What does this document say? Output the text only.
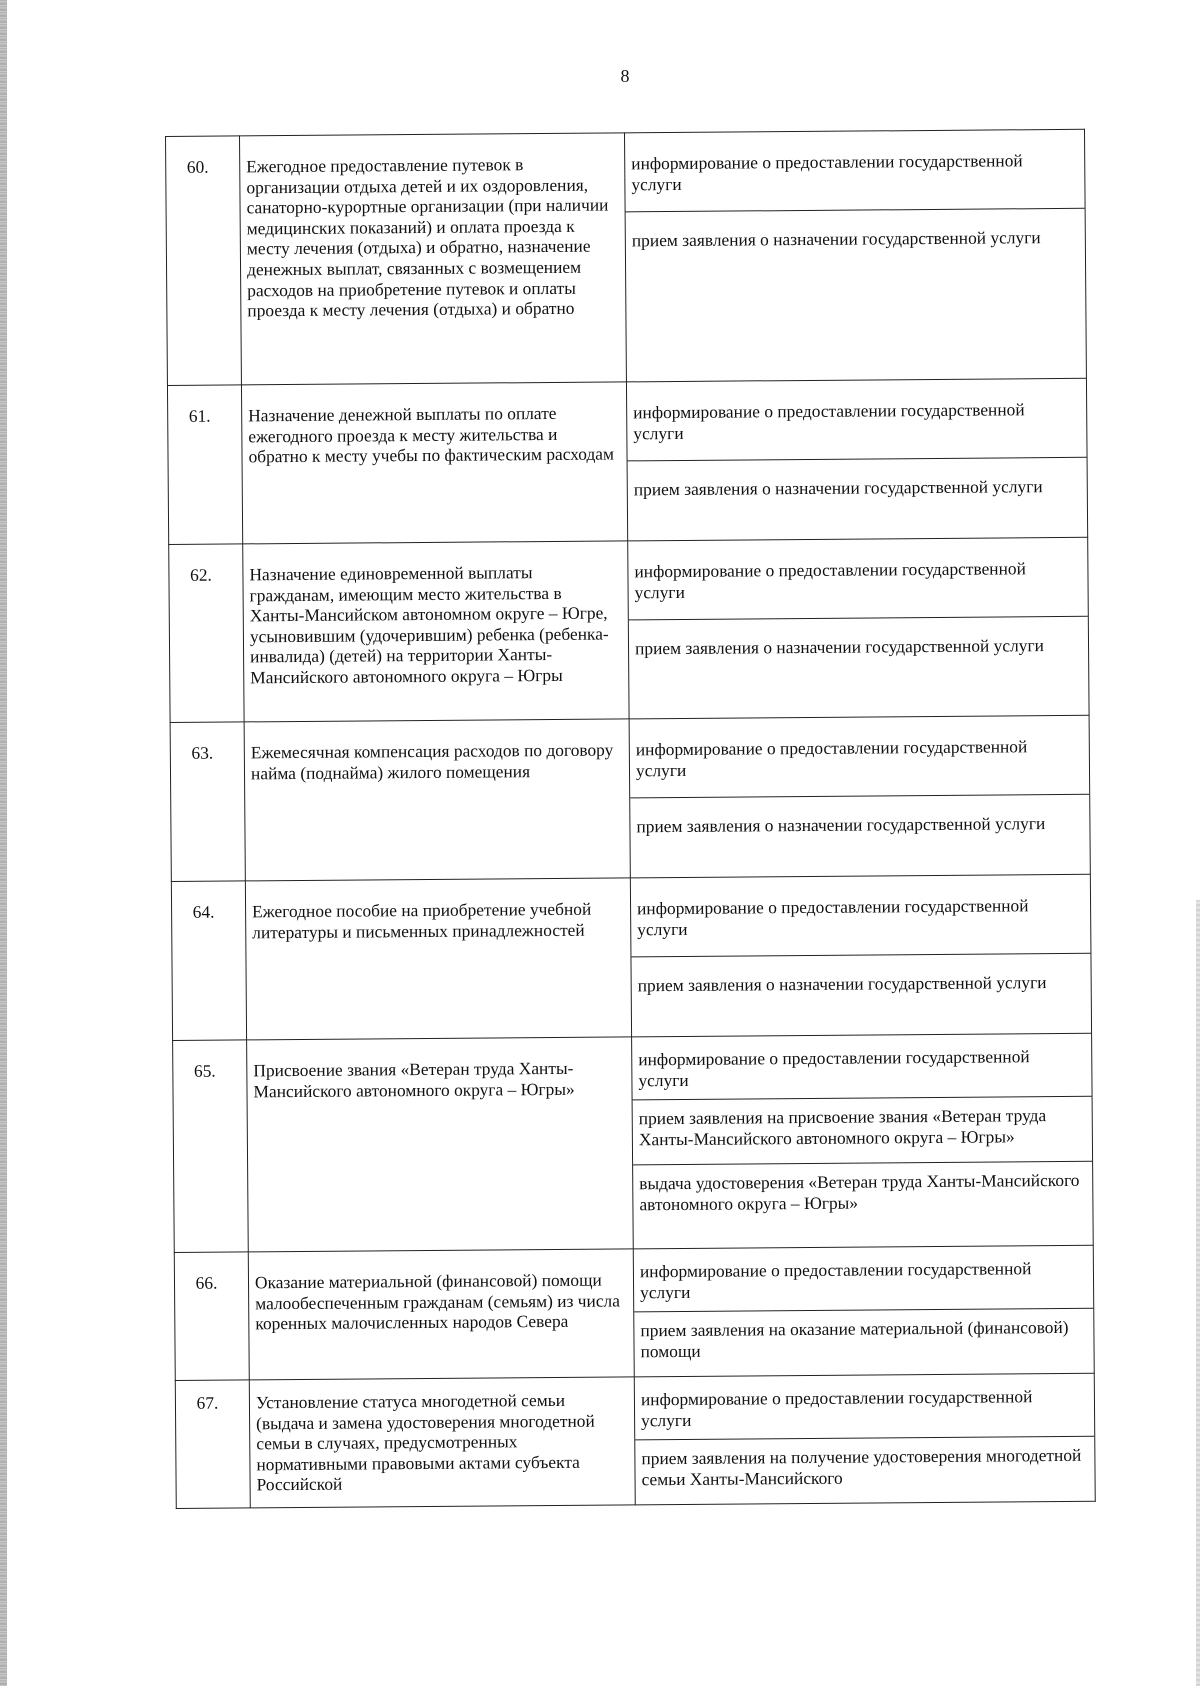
8
60.	Ежегодное предоставление путевок в организации отдыха детей и их оздоровления, санаторно-курортные организации (при наличии медицинских показаний) и оплата проезда к месту лечения (отдыха) и обратно, назначение денежных выплат, связанных с возмещением расходов на приобретение путевок и оплаты проезда к месту лечения (отдыха) и обратно	информирование о предоставлении государственной услуги
прием заявления о назначении государственной услуги

61.	Назначение денежной выплаты по оплате ежегодного проезда к месту жительства и обратно к месту учебы по фактическим расходам	информирование о предоставлении государственной услуги
прием заявления о назначении государственной услуги

62.	Назначение единовременной выплаты гражданам, имеющим место жительства в Ханты-Мансийском автономном округе – Югре, усыновившим (удочерившим) ребенка (ребенка-инвалида) (детей) на территории Ханты-Мансийского автономного округа – Югры	информирование о предоставлении государственной услуги
прием заявления о назначении государственной услуги

63.	Ежемесячная компенсация расходов по договору найма (поднайма) жилого помещения	информирование о предоставлении государственной услуги
прием заявления о назначении государственной услуги

64.	Ежегодное пособие на приобретение учебной литературы и письменных принадлежностей	информирование о предоставлении государственной услуги
прием заявления о назначении государственной услуги

65.	Присвоение звания «Ветеран труда Ханты-Мансийского автономного округа – Югры»	информирование о предоставлении государственной услуги
прием заявления на присвоение звания «Ветеран труда Ханты-Мансийского автономного округа – Югры»
выдача удостоверения «Ветеран труда Ханты-Мансийского автономного округа – Югры»

66.	Оказание материальной (финансовой) помощи малообеспеченным гражданам (семьям) из числа коренных малочисленных народов Севера	информирование о предоставлении государственной услуги
прием заявления на оказание материальной (финансовой) помощи

67.	Установление статуса многодетной семьи (выдача и замена удостоверения многодетной семьи в случаях, предусмотренных нормативными правовыми актами субъекта Российской	информирование о предоставлении государственной услуги
прием заявления на получение удостоверения многодетной семьи Ханты-Мансийского
